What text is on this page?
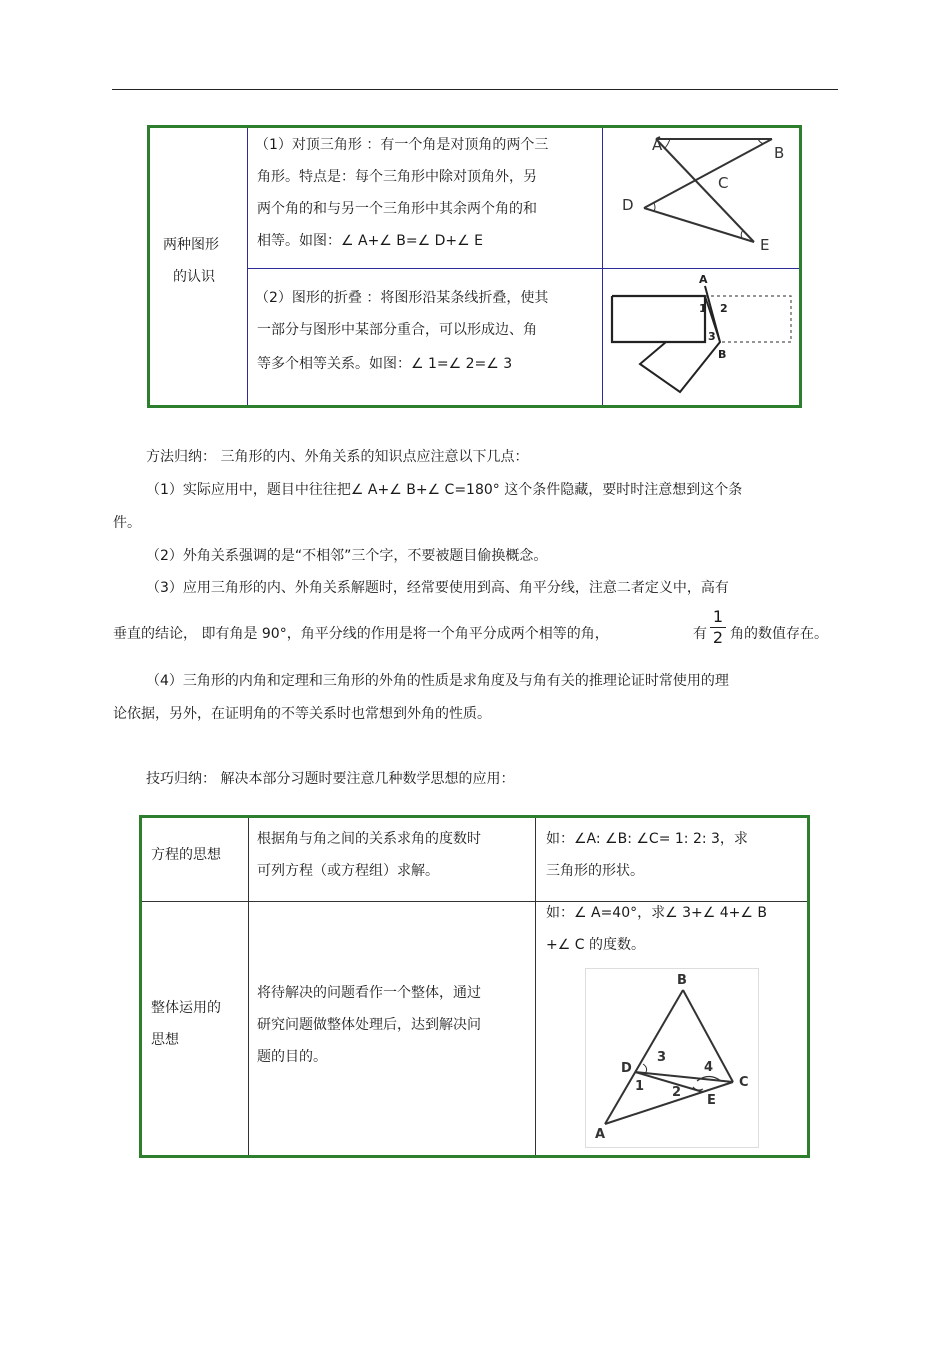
两种图形
的认识
（1）对顶三角形 ：有一个角是对顶角的两个三
角形。特点是：每个三角形中除对顶角外，另
两个角的和与另一个三角形中其余两个角的和
相等。如图：∠ A+∠ B=∠ D+∠ E
（2）图形的折叠 ：将图形沿某条线折叠，使其
一部分与图形中某部分重合，可以形成边、角
等多个相等关系。如图：∠ 1=∠ 2=∠ 3
A	B
C
D
E
A
B
1 2
3
方法归纳： 三角形的内、外角关系的知识点应注意以下几点：
（1）实际应用中，题目中往往把∠ A+∠ B+∠ C=180° 这个条件隐藏，要时时注意想到这个条
件。
（2）外角关系强调的是“不相邻”三个字，不要被题目偷换概念。
（3）应用三角形的内、外角关系解题时，经常要使用到高、角平分线，注意二者定义中，高有
垂直的结论， 即有角是 90°，角平分线的作用是将一个角平分成两个相等的角，	有
1
2 角的数值存在。
（4）三角形的内角和定理和三角形的外角的性质是求角度及与角有关的推理论证时常使用的理
论依据，另外，在证明角的不等关系时也常想到外角的性质。
技巧归纳： 解决本部分习题时要注意几种数学思想的应用：
方程的思想
根据角与角之间的关系求角的度数时
可列方程（或方程组）求解。
如：∠A: ∠B: ∠C= 1: 2: 3，求
三角形的形状。
整体运用的
思想
将待解决的问题看作一个整体，通过
研究问题做整体处理后，达到解决问
题的目的。
如：∠ A=40°，求∠ 3+∠ 4+∠ B
+∠ C 的度数。
A
B
C
D
E
1 2
3
4
